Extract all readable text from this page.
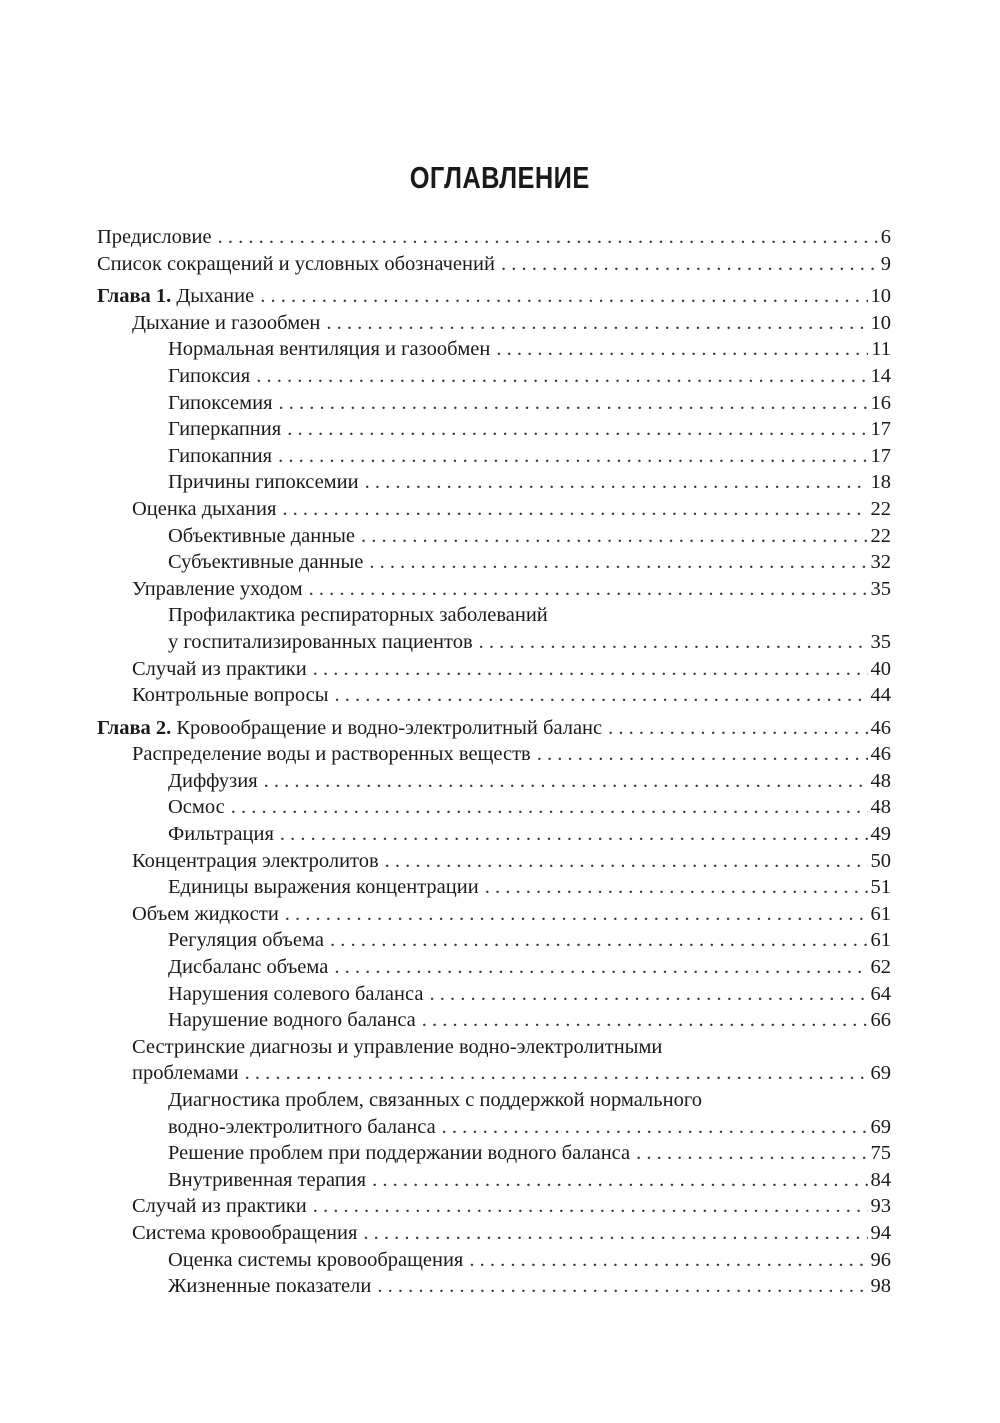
ОГЛАВЛЕНИЕ
Предисловие . . .	6
Список сокращений и условных обозначений . . .	9
Глава 1. Дыхание . . .	10
Дыхание и газообмен . . .	10
Нормальная вентиляция и газообмен . . .	11
Гипоксия . . .	14
Гипоксемия . . .	16
Гиперкапния . . .	17
Гипокапния . . .	17
Причины гипоксемии . . .	18
Оценка дыхания . . .	22
Объективные данные . . .	22
Субъективные данные . . .	32
Управление уходом . . .	35
Профилактика респираторных заболеваний
у госпитализированных пациентов . . .	35
Случай из практики . . .	40
Контрольные вопросы . . .	44
Глава 2. Кровообращение и водно-электролитный баланс . . .	46
Распределение воды и растворенных веществ . . .	46
Диффузия . . .	48
Осмос . . .	48
Фильтрация . . .	49
Концентрация электролитов . . .	50
Единицы выражения концентрации . . .	51
Объем жидкости . . .	61
Регуляция объема . . .	61
Дисбаланс объема . . .	62
Нарушения солевого баланса . . .	64
Нарушение водного баланса . . .	66
Сестринские диагнозы и управление водно-электролитными
проблемами . . .	69
Диагностика проблем, связанных с поддержкой нормального
водно-электролитного баланса . . .	69
Решение проблем при поддержании водного баланса . . .	75
Внутривенная терапия . . .	84
Случай из практики . . .	93
Система кровообращения . . .	94
Оценка системы кровообращения . . .	96
Жизненные показатели . . .	98
